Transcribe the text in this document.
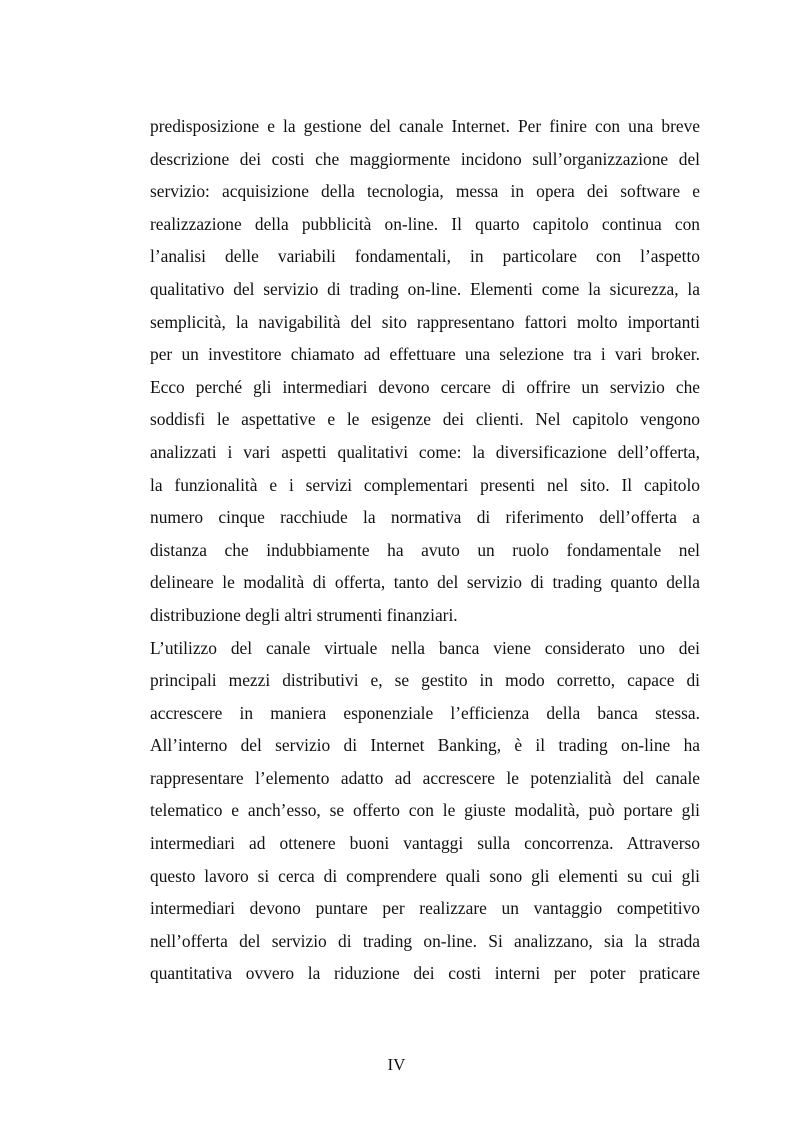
predisposizione e la gestione del canale Internet. Per finire con una breve
descrizione dei costi che maggiormente incidono sull’organizzazione del
servizio: acquisizione della tecnologia, messa in opera dei software e
realizzazione della pubblicità on-line. Il quarto capitolo continua con
l’analisi delle variabili fondamentali, in particolare con l’aspetto
qualitativo del servizio di trading on-line. Elementi come la sicurezza, la
semplicità, la navigabilità del sito rappresentano fattori molto importanti
per un investitore chiamato ad effettuare una selezione tra i vari broker.
Ecco perché gli intermediari devono cercare di offrire un servizio che
soddisfi le aspettative e le esigenze dei clienti. Nel capitolo vengono
analizzati i vari aspetti qualitativi come: la diversificazione dell’offerta,
la funzionalità e i servizi complementari presenti nel sito. Il capitolo
numero cinque racchiude la normativa di riferimento dell’offerta a
distanza che indubbiamente ha avuto un ruolo fondamentale nel
delineare le modalità di offerta, tanto del servizio di trading quanto della
distribuzione degli altri strumenti finanziari.
L’utilizzo del canale virtuale nella banca viene considerato uno dei
principali mezzi distributivi e, se gestito in modo corretto, capace di
accrescere in maniera esponenziale l’efficienza della banca stessa.
All’interno del servizio di Internet Banking, è il trading on-line ha
rappresentare l’elemento adatto ad accrescere le potenzialità del canale
telematico e anch’esso, se offerto con le giuste modalità, può portare gli
intermediari ad ottenere buoni vantaggi sulla concorrenza. Attraverso
questo lavoro si cerca di comprendere quali sono gli elementi su cui gli
intermediari devono puntare per realizzare un vantaggio competitivo
nell’offerta del servizio di trading on-line. Si analizzano, sia la strada
quantitativa ovvero la riduzione dei costi interni per poter praticare
IV
